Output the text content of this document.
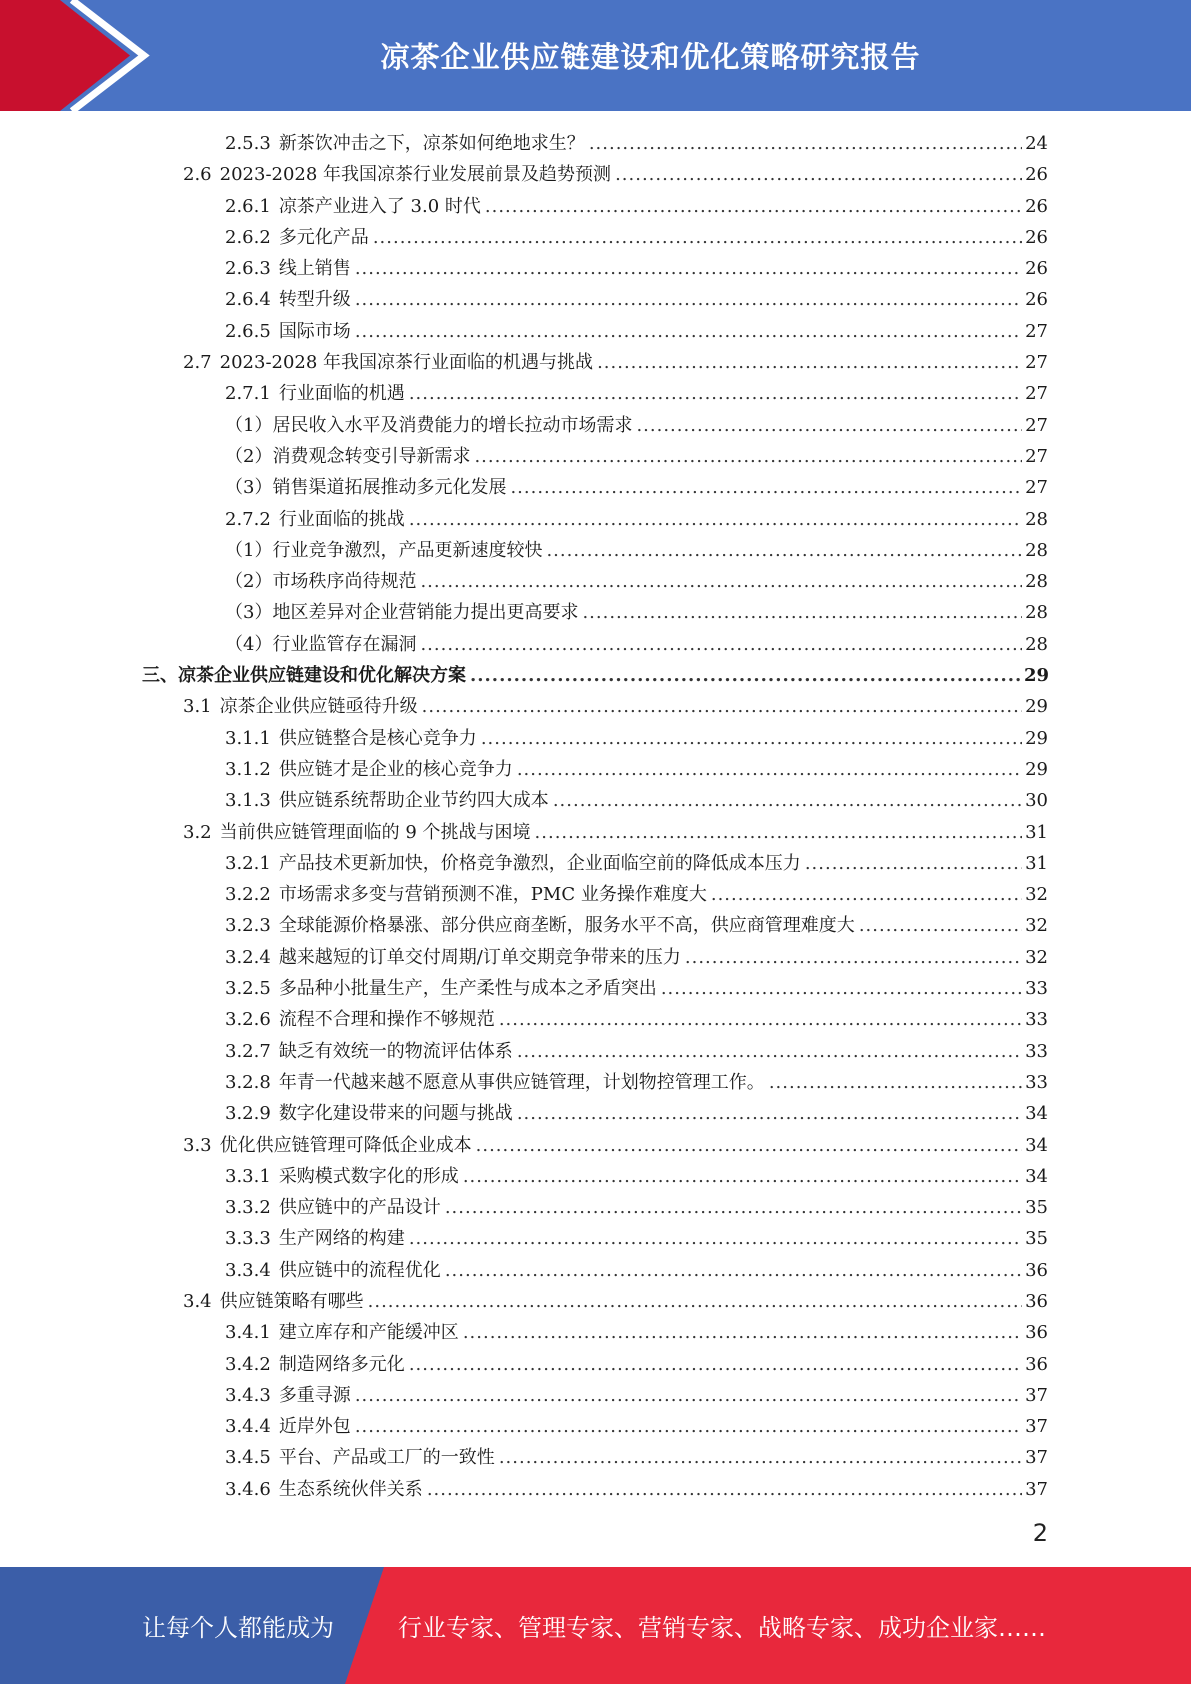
凉茶企业供应链建设和优化策略研究报告
2.5.3 新茶饮冲击之下，凉茶如何绝地求生？ .....	24
2.6 2023-2028 年我国凉茶行业发展前景及趋势预测 .....	26
2.6.1 凉茶产业进入了 3.0 时代 .....	26
2.6.2 多元化产品 .....	26
2.6.3 线上销售 .....	26
2.6.4 转型升级 .....	26
2.6.5 国际市场 .....	27
2.7 2023-2028 年我国凉茶行业面临的机遇与挑战 .....	27
2.7.1 行业面临的机遇 .....	27
（1）居民收入水平及消费能力的增长拉动市场需求 .....	27
（2）消费观念转变引导新需求 .....	27
（3）销售渠道拓展推动多元化发展 .....	27
2.7.2 行业面临的挑战 .....	28
（1）行业竞争激烈，产品更新速度较快 .....	28
（2）市场秩序尚待规范 .....	28
（3）地区差异对企业营销能力提出更高要求 .....	28
（4）行业监管存在漏洞 .....	28
三、凉茶企业供应链建设和优化解决方案 .....	29
3.1 凉茶企业供应链亟待升级 .....	29
3.1.1 供应链整合是核心竞争力 .....	29
3.1.2 供应链才是企业的核心竞争力 .....	29
3.1.3 供应链系统帮助企业节约四大成本 .....	30
3.2 当前供应链管理面临的 9 个挑战与困境 .....	31
3.2.1 产品技术更新加快，价格竞争激烈，企业面临空前的降低成本压力 .....	31
3.2.2 市场需求多变与营销预测不准，PMC 业务操作难度大 .....	32
3.2.3 全球能源价格暴涨、部分供应商垄断，服务水平不高，供应商管理难度大 .....	32
3.2.4 越来越短的订单交付周期/订单交期竞争带来的压力 .....	32
3.2.5 多品种小批量生产，生产柔性与成本之矛盾突出 .....	33
3.2.6 流程不合理和操作不够规范 .....	33
3.2.7 缺乏有效统一的物流评估体系 .....	33
3.2.8 年青一代越来越不愿意从事供应链管理，计划物控管理工作。 .....	33
3.2.9 数字化建设带来的问题与挑战 .....	34
3.3 优化供应链管理可降低企业成本 .....	34
3.3.1 采购模式数字化的形成 .....	34
3.3.2 供应链中的产品设计 .....	35
3.3.3 生产网络的构建 .....	35
3.3.4 供应链中的流程优化 .....	36
3.4 供应链策略有哪些 .....	36
3.4.1 建立库存和产能缓冲区 .....	36
3.4.2 制造网络多元化 .....	36
3.4.3 多重寻源 .....	37
3.4.4 近岸外包 .....	37
3.4.5 平台、产品或工厂的一致性 .....	37
3.4.6 生态系统伙伴关系 .....	37
2
让每个人都能成为	行业专家、管理专家、营销专家、战略专家、成功企业家……
